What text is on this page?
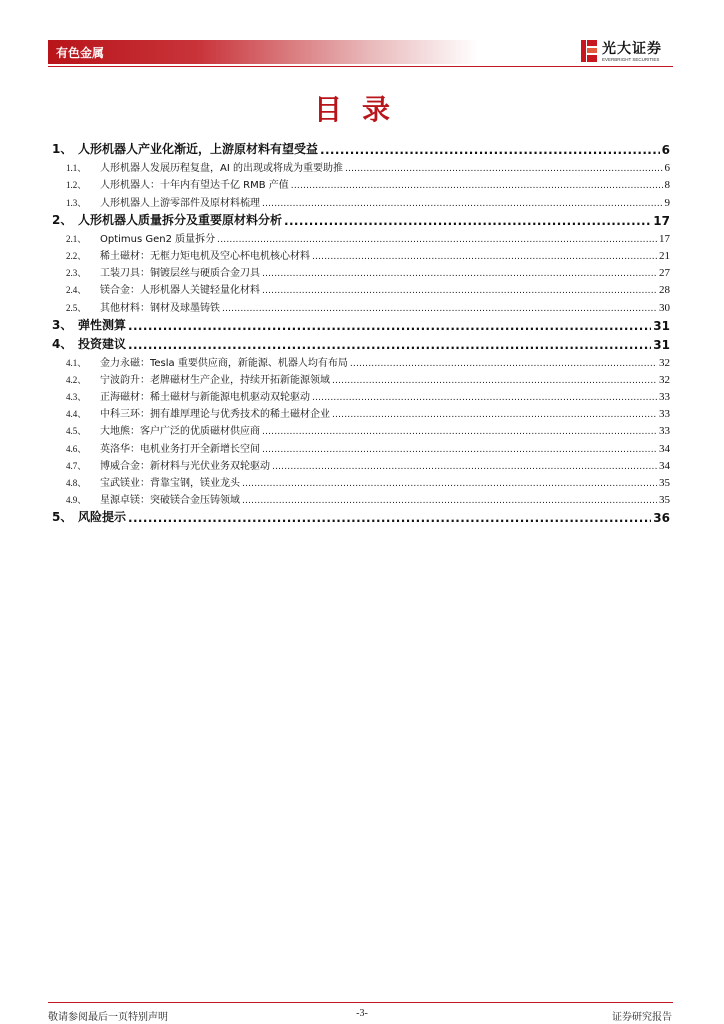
有色金属	光大证券
EVERBRIGHT SECURITIES
目录
1、 人形机器人产业化渐近，上游原材料有望受益 .....	6
1.1、	人形机器人发展历程复盘，AI 的出现或将成为重要助推 .....	6
1.2、	人形机器人：十年内有望达千亿 RMB 产值 .....	8
1.3、	人形机器人上游零部件及原材料梳理 .....	9
2、 人形机器人质量拆分及重要原材料分析 .....	17
2.1、	Optimus Gen2 质量拆分 .....	17
2.2、	稀土磁材：无框力矩电机及空心杯电机核心材料 .....	21
2.3、	工装刀具：铜镀层丝与硬质合金刀具 .....	27
2.4、	镁合金：人形机器人关键轻量化材料 .....	28
2.5、	其他材料：钢材及球墨铸铁 .....	30
3、 弹性测算 .....	31
4、 投资建议 .....	31
4.1、	金力永磁：Tesla 重要供应商，新能源、机器人均有布局 .....	32
4.2、	宁波韵升：老牌磁材生产企业，持续开拓新能源领域 .....	32
4.3、	正海磁材：稀土磁材与新能源电机驱动双轮驱动 .....	33
4.4、	中科三环：拥有雄厚理论与优秀技术的稀土磁材企业 .....	33
4.5、	大地熊：客户广泛的优质磁材供应商 .....	33
4.6、	英洛华：电机业务打开全新增长空间 .....	34
4.7、	博威合金：新材料与光伏业务双轮驱动 .....	34
4.8、	宝武镁业：背靠宝钢，镁业龙头 .....	35
4.9、	星源卓镁：突破镁合金压铸领域 .....	35
5、 风险提示 .....	36
敬请参阅最后一页特别声明	-3-	证券研究报告
